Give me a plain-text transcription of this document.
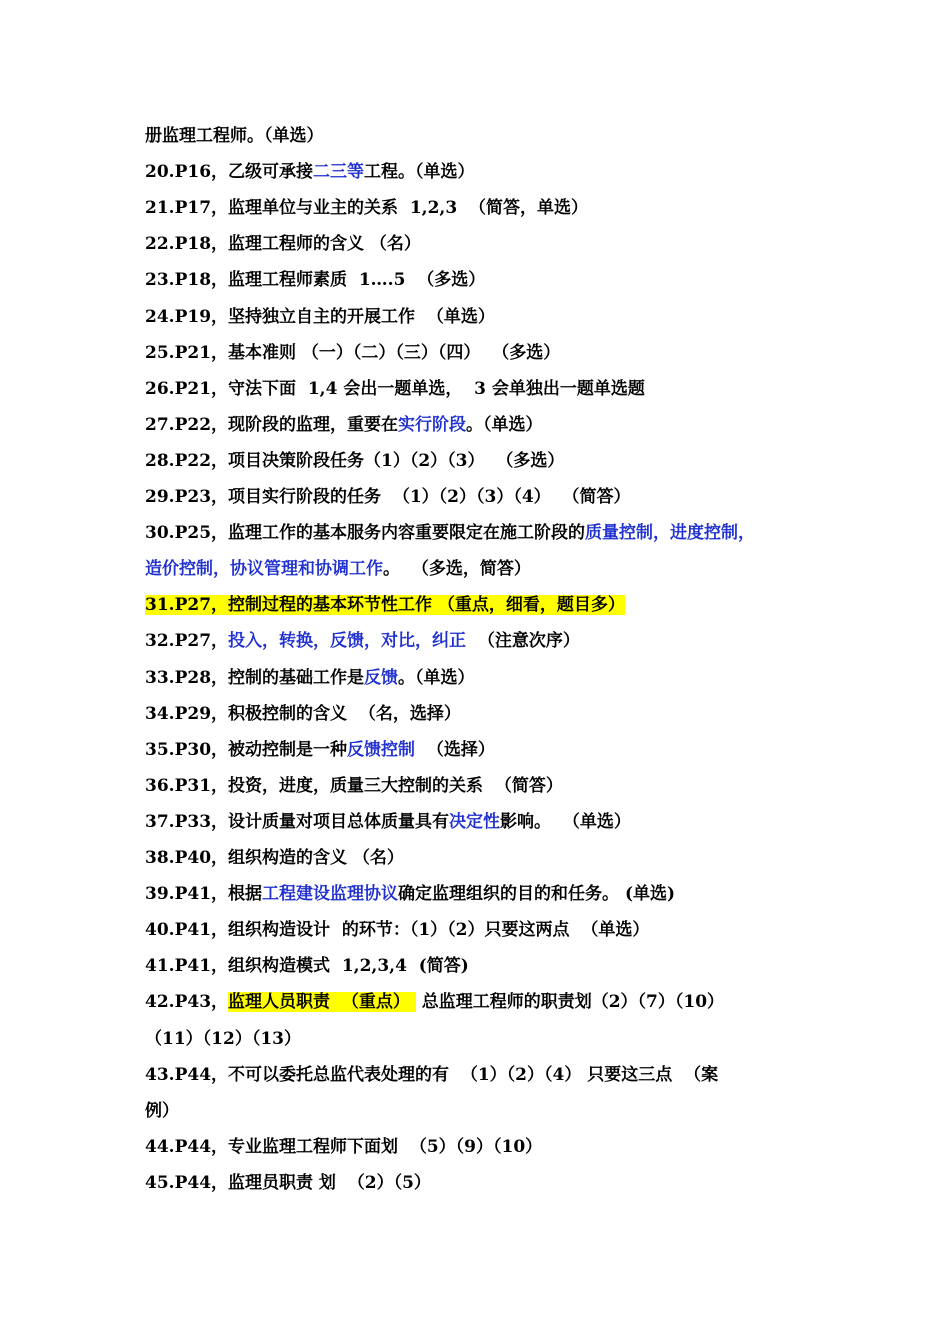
册监理工程师。（单选）
20.P16，乙级可承接二三等工程。（单选）
21.P17，监理单位与业主的关系  1,2,3  （简答，单选）
22.P18，监理工程师的含义 （名）
23.P18，监理工程师素质  1….5  （多选）
24.P19，坚持独立自主的开展工作  （单选）
25.P21，基本准则 （一）（二）（三）（四）  （多选）
26.P21，守法下面  1,4 会出一题单选，  3 会单独出一题单选题
27.P22，现阶段的监理，重要在实行阶段。（单选）
28.P22，项目决策阶段任务（1）（2）（3）  （多选）
29.P23，项目实行阶段的任务  （1）（2）（3）（4）  （简答）
30.P25，监理工作的基本服务内容重要限定在施工阶段的质量控制，进度控制，
造价控制，协议管理和协调工作。  （多选，简答）
31.P27，控制过程的基本环节性工作 （重点，细看，题目多）
32.P27，投入，转换，反馈，对比，纠正  （注意次序）
33.P28，控制的基础工作是反馈。（单选）
34.P29，积极控制的含义  （名，选择）
35.P30，被动控制是一种反馈控制  （选择）
36.P31，投资，进度，质量三大控制的关系  （简答）
37.P33，设计质量对项目总体质量具有决定性影响。  （单选）
38.P40，组织构造的含义 （名）
39.P41，根据工程建设监理协议确定监理组织的目的和任务。 (单选)
40.P41，组织构造设计  的环节：（1）（2）只要这两点  （单选）
41.P41，组织构造模式  1,2,3,4  (简答)
42.P43，监理人员职责  （重点）  总监理工程师的职责划（2）（7）（10）
（11）（12）（13）
43.P44，不可以委托总监代表处理的有  （1）（2）（4） 只要这三点  （案
例）
44.P44，专业监理工程师下面划  （5）（9）（10）
45.P44，监理员职责 划  （2）（5）
